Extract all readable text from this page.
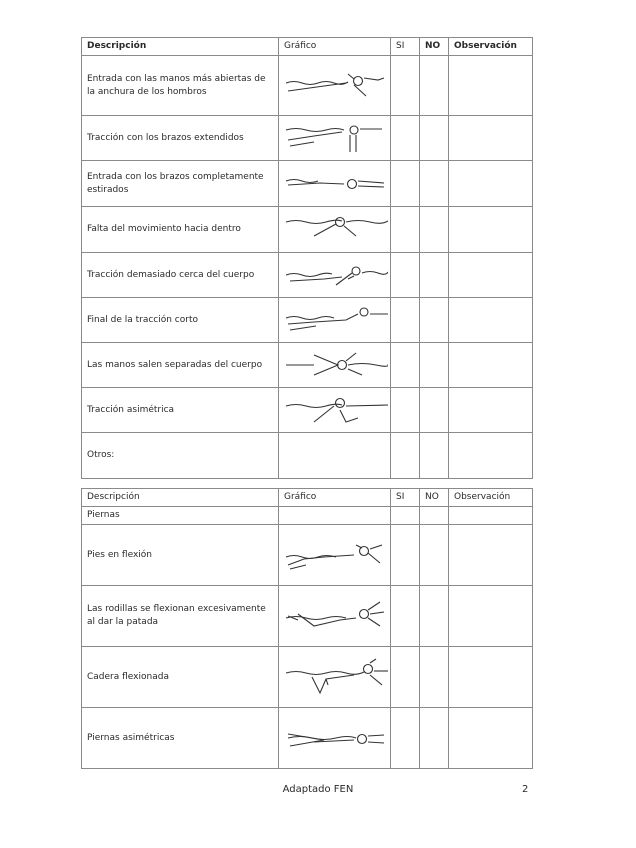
Descripción	Gráfico	SI	NO	Observación
Entrada con las manos más abiertas de la anchura de los hombros	

Tracción con los brazos extendidos	

Entrada con los brazos completamente estirados	

Falta del movimiento hacia dentro	

Tracción demasiado cerca del cuerpo	

Final de la tracción corto	

Las manos salen separadas del cuerpo	

Tracción asimétrica	

Otros:				
Descripción	Gráfico	SI	NO	Observación
Piernas				
Pies en flexión	

Las rodillas se flexionan excesivamente al dar la patada	

Cadera flexionada	

Piernas asimétricas	

Adaptado FEN	2
